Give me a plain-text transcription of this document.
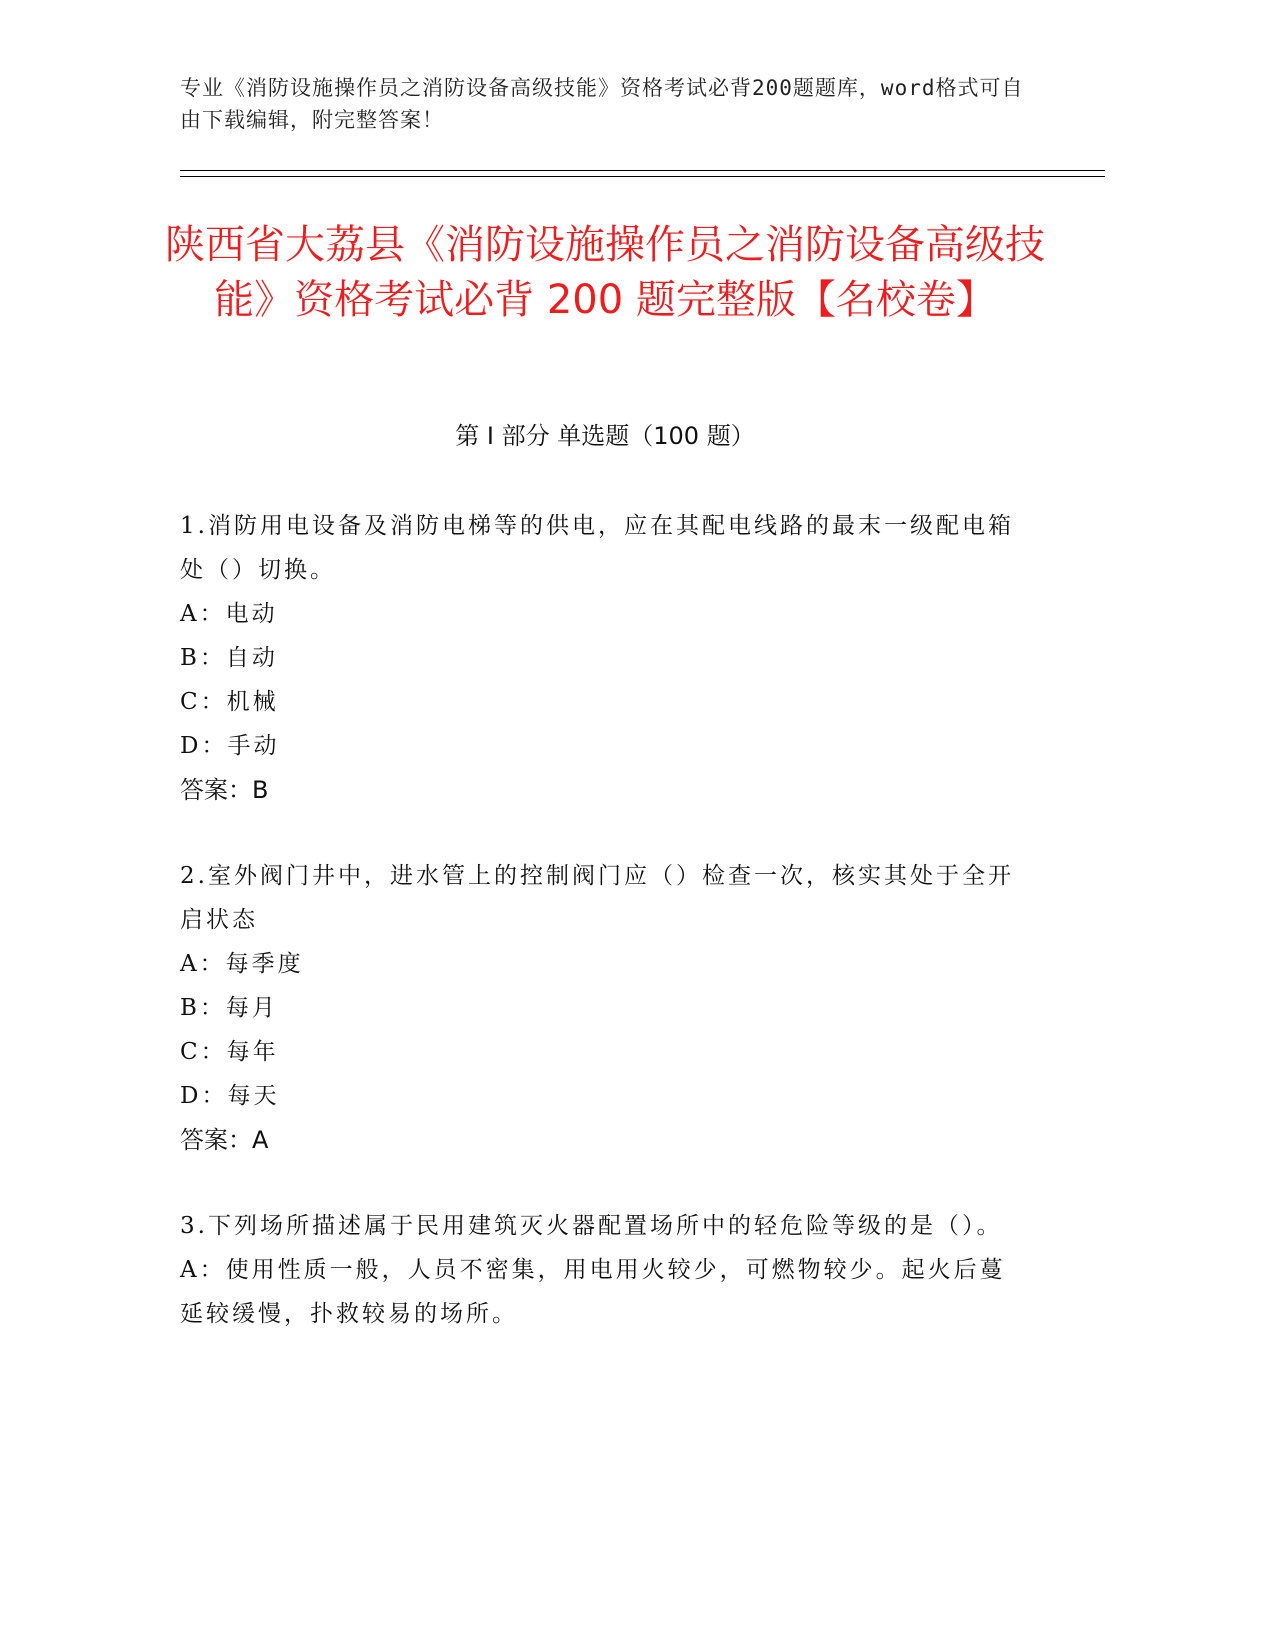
专业《消防设施操作员之消防设备高级技能》资格考试必背200题题库，word格式可自由下载编辑，附完整答案！
陕西省大荔县《消防设施操作员之消防设备高级技能》资格考试必背 200 题完整版【名校卷】
第 I 部分 单选题（100 题）
1.消防用电设备及消防电梯等的供电，应在其配电线路的最末一级配电箱处（）切换。
A：电动
B：自动
C：机械
D：手动
答案：B
2.室外阀门井中，进水管上的控制阀门应（）检查一次，核实其处于全开启状态
A：每季度
B：每月
C：每年
D：每天
答案：A
3.下列场所描述属于民用建筑灭火器配置场所中的轻危险等级的是（）。
A：使用性质一般，人员不密集，用电用火较少，可燃物较少。起火后蔓延较缓慢，扑救较易的场所。
